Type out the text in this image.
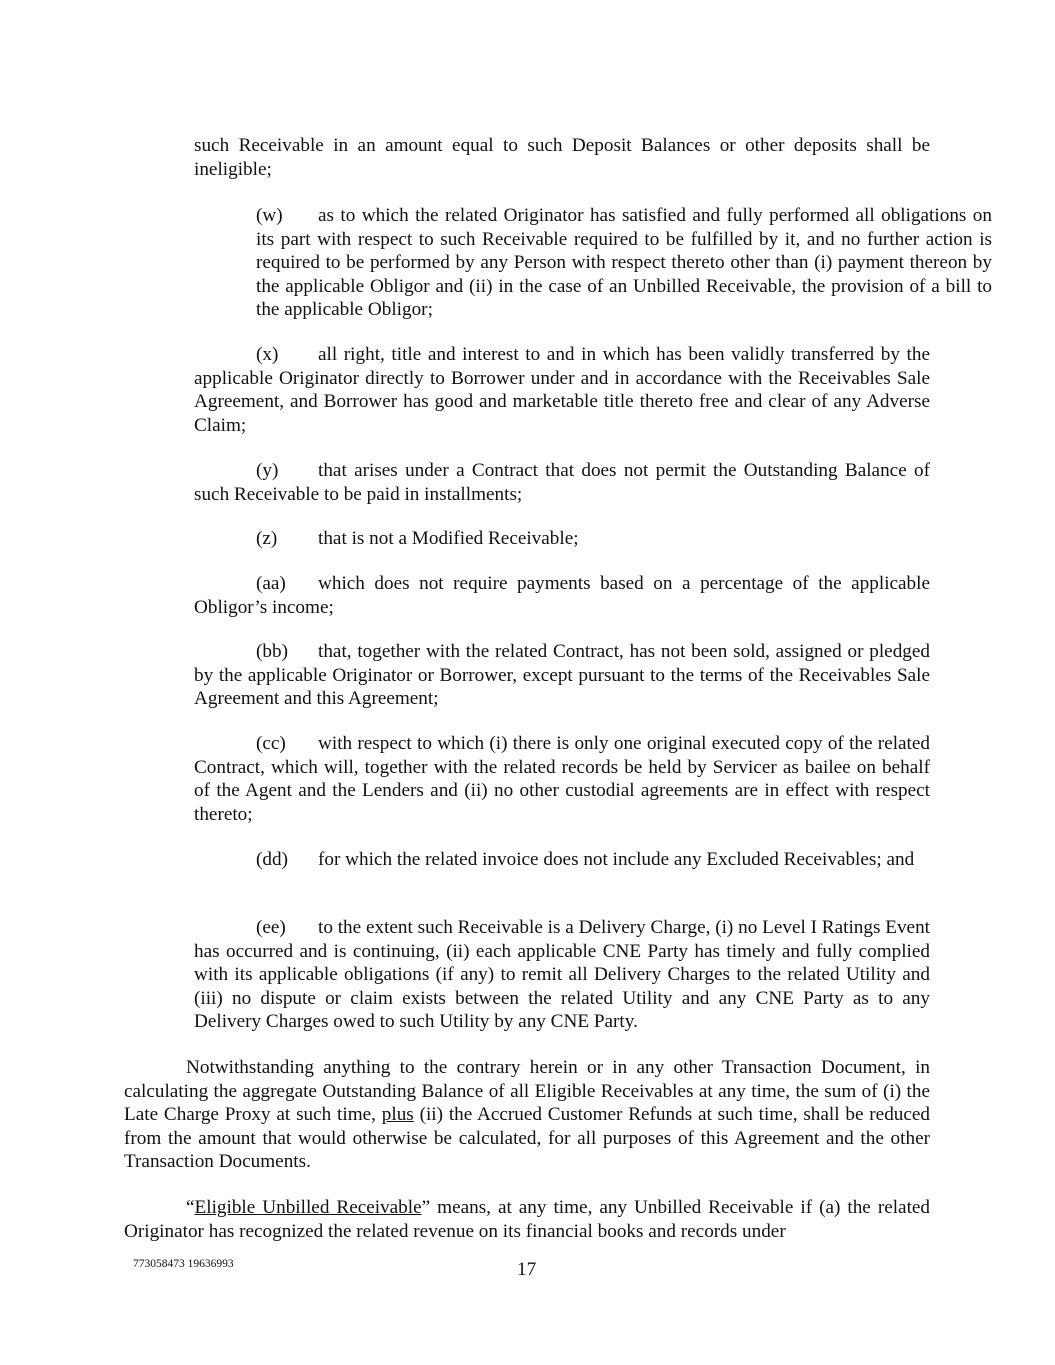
such Receivable in an amount equal to such Deposit Balances or other deposits shall be ineligible;

(w) as to which the related Originator has satisfied and fully performed all obligations on its part with respect to such Receivable required to be fulfilled by it, and no further action is required to be performed by any Person with respect thereto other than (i) payment thereon by the applicable Obligor and (ii) in the case of an Unbilled Receivable, the provision of a bill to the applicable Obligor;

(x) all right, title and interest to and in which has been validly transferred by the applicable Originator directly to Borrower under and in accordance with the Receivables Sale Agreement, and Borrower has good and marketable title thereto free and clear of any Adverse Claim;

(y) that arises under a Contract that does not permit the Outstanding Balance of such Receivable to be paid in installments;

(z) that is not a Modified Receivable;

(aa) which does not require payments based on a percentage of the applicable Obligor’s income;

(bb) that, together with the related Contract, has not been sold, assigned or pledged by the applicable Originator or Borrower, except pursuant to the terms of the Receivables Sale Agreement and this Agreement;

(cc) with respect to which (i) there is only one original executed copy of the related Contract, which will, together with the related records be held by Servicer as bailee on behalf of the Agent and the Lenders and (ii) no other custodial agreements are in effect with respect thereto;

(dd) for which the related invoice does not include any Excluded Receivables; and

(ee) to the extent such Receivable is a Delivery Charge, (i) no Level I Ratings Event has occurred and is continuing, (ii) each applicable CNE Party has timely and fully complied with its applicable obligations (if any) to remit all Delivery Charges to the related Utility and (iii) no dispute or claim exists between the related Utility and any CNE Party as to any Delivery Charges owed to such Utility by any CNE Party.

Notwithstanding anything to the contrary herein or in any other Transaction Document, in calculating the aggregate Outstanding Balance of all Eligible Receivables at any time, the sum of (i) the Late Charge Proxy at such time, plus (ii) the Accrued Customer Refunds at such time, shall be reduced from the amount that would otherwise be calculated, for all purposes of this Agreement and the other Transaction Documents.

“Eligible Unbilled Receivable” means, at any time, any Unbilled Receivable if (a) the related Originator has recognized the related revenue on its financial books and records under

773058473 19636993	17
